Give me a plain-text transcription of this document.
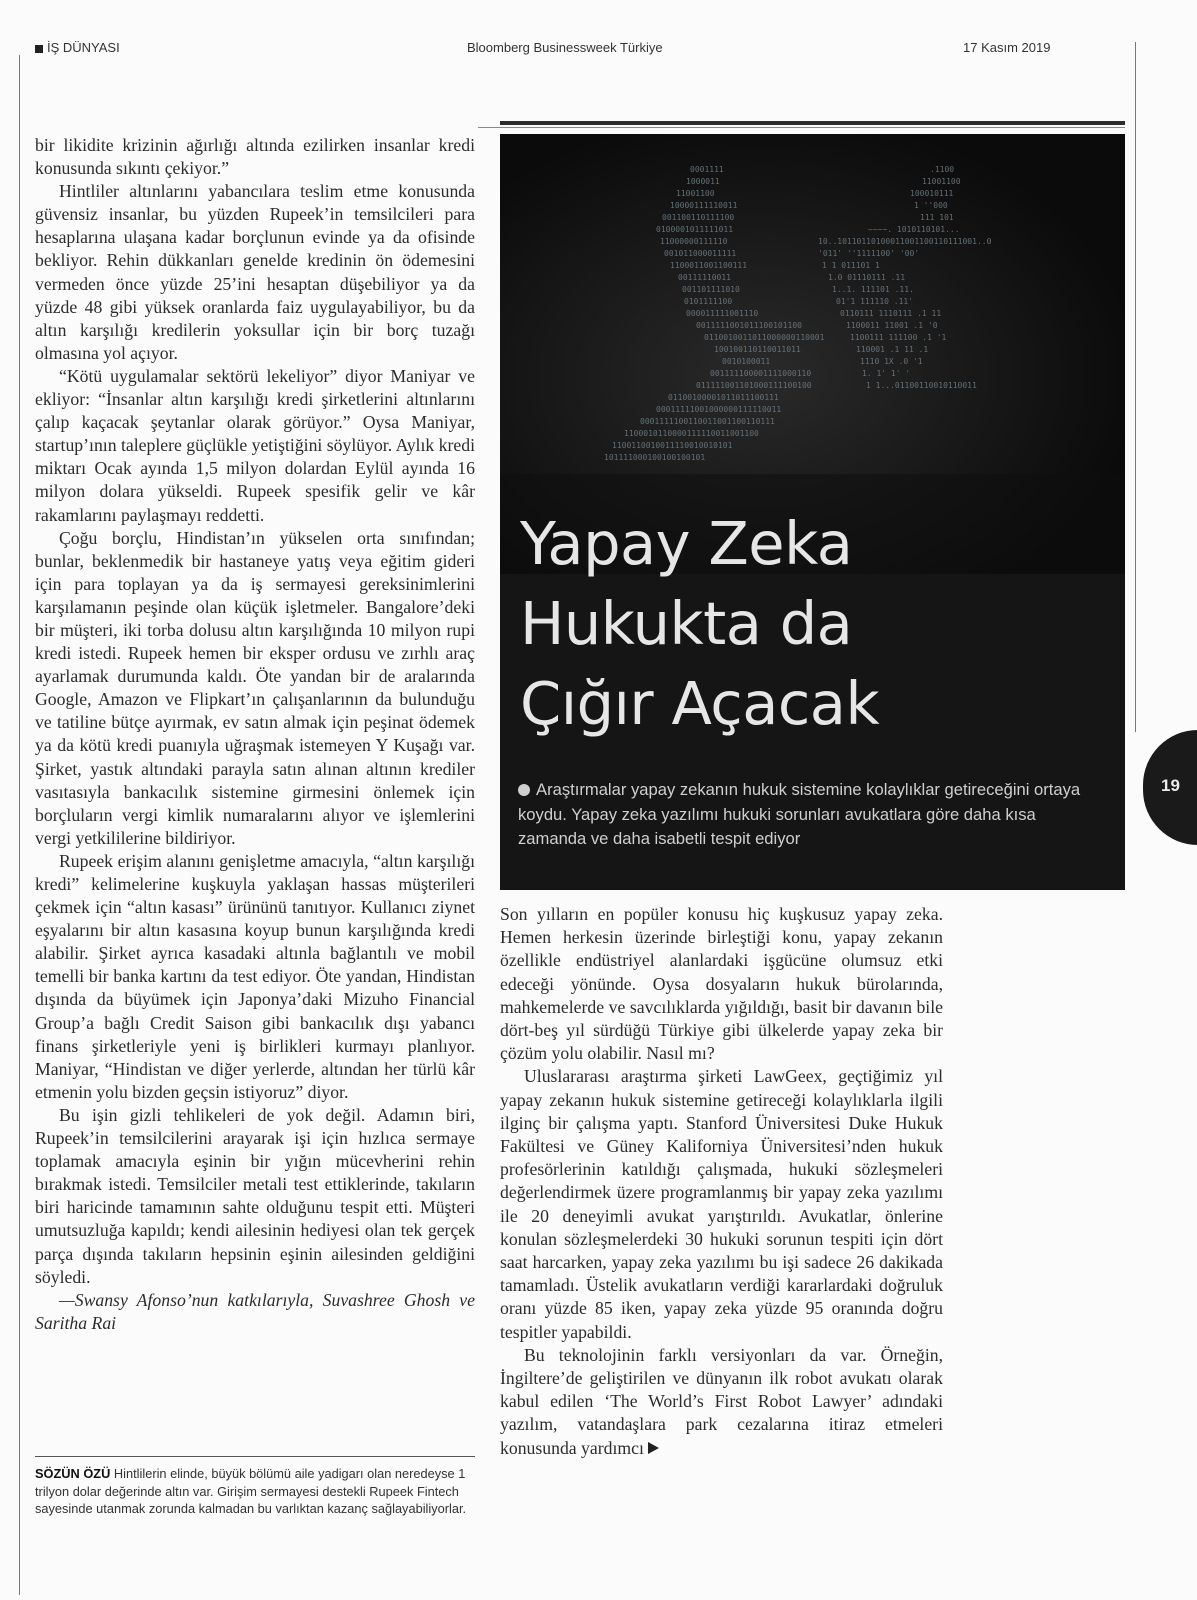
İŞ DÜNYASI	Bloomberg Businessweek Türkiye	17 Kasım 2019

bir likidite krizinin ağırlığı altında ezilirken insanlar kredi konusunda sıkıntı çekiyor.”

Hintliler altınlarını yabancılara teslim etme konusunda güvensiz insanlar, bu yüzden Rupeek’in temsilcileri para hesaplarına ulaşana kadar borçlunun evinde ya da ofisinde bekliyor. Rehin dükkanları genelde kredinin ön ödemesini vermeden önce yüzde 25’ini hesaptan düşebiliyor ya da yüzde 48 gibi yüksek oranlarda faiz uygulayabiliyor, bu da altın karşılığı kredilerin yoksullar için bir borç tuzağı olmasına yol açıyor.

“Kötü uygulamalar sektörü lekeliyor” diyor Maniyar ve ekliyor: “İnsanlar altın karşılığı kredi şirketlerini altınlarını çalıp kaçacak şeytanlar olarak görüyor.” Oysa Maniyar, startup’ının taleplere güçlükle yetiştiğini söylüyor. Aylık kredi miktarı Ocak ayında 1,5 milyon dolardan Eylül ayında 16 milyon dolara yükseldi. Rupeek spesifik gelir ve kâr rakamlarını paylaşmayı reddetti.

Çoğu borçlu, Hindistan’ın yükselen orta sınıfından; bunlar, beklenmedik bir hastaneye yatış veya eğitim gideri için para toplayan ya da iş sermayesi gereksinimlerini karşılamanın peşinde olan küçük işletmeler. Bangalore’deki bir müşteri, iki torba dolusu altın karşılığında 10 milyon rupi kredi istedi. Rupeek hemen bir eksper ordusu ve zırhlı araç ayarlamak durumunda kaldı. Öte yandan bir de aralarında Google, Amazon ve Flipkart’ın çalışanlarının da bulunduğu ve tatiline bütçe ayırmak, ev satın almak için peşinat ödemek ya da kötü kredi puanıyla uğraşmak istemeyen Y Kuşağı var. Şirket, yastık altındaki parayla satın alınan altının krediler vasıtasıyla bankacılık sistemine girmesini önlemek için borçluların vergi kimlik numaralarını alıyor ve işlemlerini vergi yetkililerine bildiriyor.

Rupeek erişim alanını genişletme amacıyla, “altın karşılığı kredi” kelimelerine kuşkuyla yaklaşan hassas müşterileri çekmek için “altın kasası” ürününü tanıtıyor. Kullanıcı ziynet eşyalarını bir altın kasasına koyup bunun karşılığında kredi alabilir. Şirket ayrıca kasadaki altınla bağlantılı ve mobil temelli bir banka kartını da test ediyor. Öte yandan, Hindistan dışında da büyümek için Japonya’daki Mizuho Financial Group’a bağlı Credit Saison gibi bankacılık dışı yabancı finans şirketleriyle yeni iş birlikleri kurmayı planlıyor. Maniyar, “Hindistan ve diğer yerlerde, altından her türlü kâr etmenin yolu bizden geçsin istiyoruz” diyor.

Bu işin gizli tehlikeleri de yok değil. Adamın biri, Rupeek’in temsilcilerini arayarak işi için hızlıca sermaye toplamak amacıyla eşinin bir yığın mücevherini rehin bırakmak istedi. Temsilciler metali test ettiklerinde, takıların biri haricinde tamamının sahte olduğunu tespit etti. Müşteri umutsuzluğa kapıldı; kendi ailesinin hediyesi olan tek gerçek parça dışında takıların hepsinin eşinin ailesinden geldiğini söyledi.

—Swansy Afonso’nun katkılarıyla, Suvashree Ghosh ve Saritha Rai

SÖZÜN ÖZÜ Hintlilerin elinde, büyük bölümü aile yadigarı olan neredeyse 1 trilyon dolar değerinde altın var. Girişim sermayesi destekli Rupeek Fintech sayesinde utanmak zorunda kalmadan bu varlıktan kazanç sağlayabiliyorlar.
0001111
1000011
11001100
10000111110011
001100110111100
0100001011111011
11000000111110
001011000011111
1100011001100111
00111110011
001101111010
0101111100
000011111001110
0011111001011100101100
0110010011011000000110001
100100110110011011
0010100011
001111100001111000110
011111001101000111100100
01100100001011011100111
00011111001000000111110011
0001111100110011001100110111
1100010110000111110011001100
1100110010011110010010101
101111000100100100101
.1100
11001100
100010111
1 ''000
111 101
~~~~. 1010110101...
10..10110110100011001100110111001..0
'011' ''1111100' '00'
1 1 011101 1
1.0 01110111 .11
1..1. 111101 .11.
01'1 111110 .11'
0110111 1110111 .1 11
1100011 11001 .1 '0
1100111 111100 .1 '1
110001 .1 11 .1
1110 1X .0 '1
1. 1' 1' '
1 1...01100110010110011
Yapay Zeka
Hukukta da
Çığır Açacak
Araştırmalar yapay zekanın hukuk sistemine kolaylıklar getireceğini ortaya koydu. Yapay zeka yazılımı hukuki sorunları avukatlara göre daha kısa zamanda ve daha isabetli tespit ediyor

Son yılların en popüler konusu hiç kuşkusuz yapay zeka. Hemen herkesin üzerinde birleştiği konu, yapay zekanın özellikle endüstriyel alanlardaki işgücüne olumsuz etki edeceği yönünde. Oysa dosyaların hukuk bürolarında, mahkemelerde ve savcılıklarda yığıldığı, basit bir davanın bile dört-beş yıl sürdüğü Türkiye gibi ülkelerde yapay zeka bir çözüm yolu olabilir. Nasıl mı?

Uluslararası araştırma şirketi LawGeex, geçtiğimiz yıl yapay zekanın hukuk sistemine getireceği kolaylıklarla ilgili ilginç bir çalışma yaptı. Stanford Üniversitesi Duke Hukuk Fakültesi ve Güney Kaliforniya Üniversitesi’nden hukuk profesörlerinin katıldığı çalışmada, hukuki sözleşmeleri değerlendirmek üzere programlanmış bir yapay zeka yazılımı ile 20 deneyimli avukat yarıştırıldı. Avukatlar, önlerine konulan sözleşmelerdeki 30 hukuki sorunun tespiti için dört saat harcarken, yapay zeka yazılımı bu işi sadece 26 dakikada tamamladı. Üstelik avukatların verdiği kararlardaki doğruluk oranı yüzde 85 iken, yapay zeka yüzde 95 oranında doğru tespitler yapabildi.

Bu teknolojinin farklı versiyonları da var. Örneğin, İngiltere’de geliştirilen ve dünyanın ilk robot avukatı olarak kabul edilen ‘The World’s First Robot Lawyer’ adındaki yazılım, vatandaşlara park cezalarına itiraz etmeleri konusunda yardımcı

19
